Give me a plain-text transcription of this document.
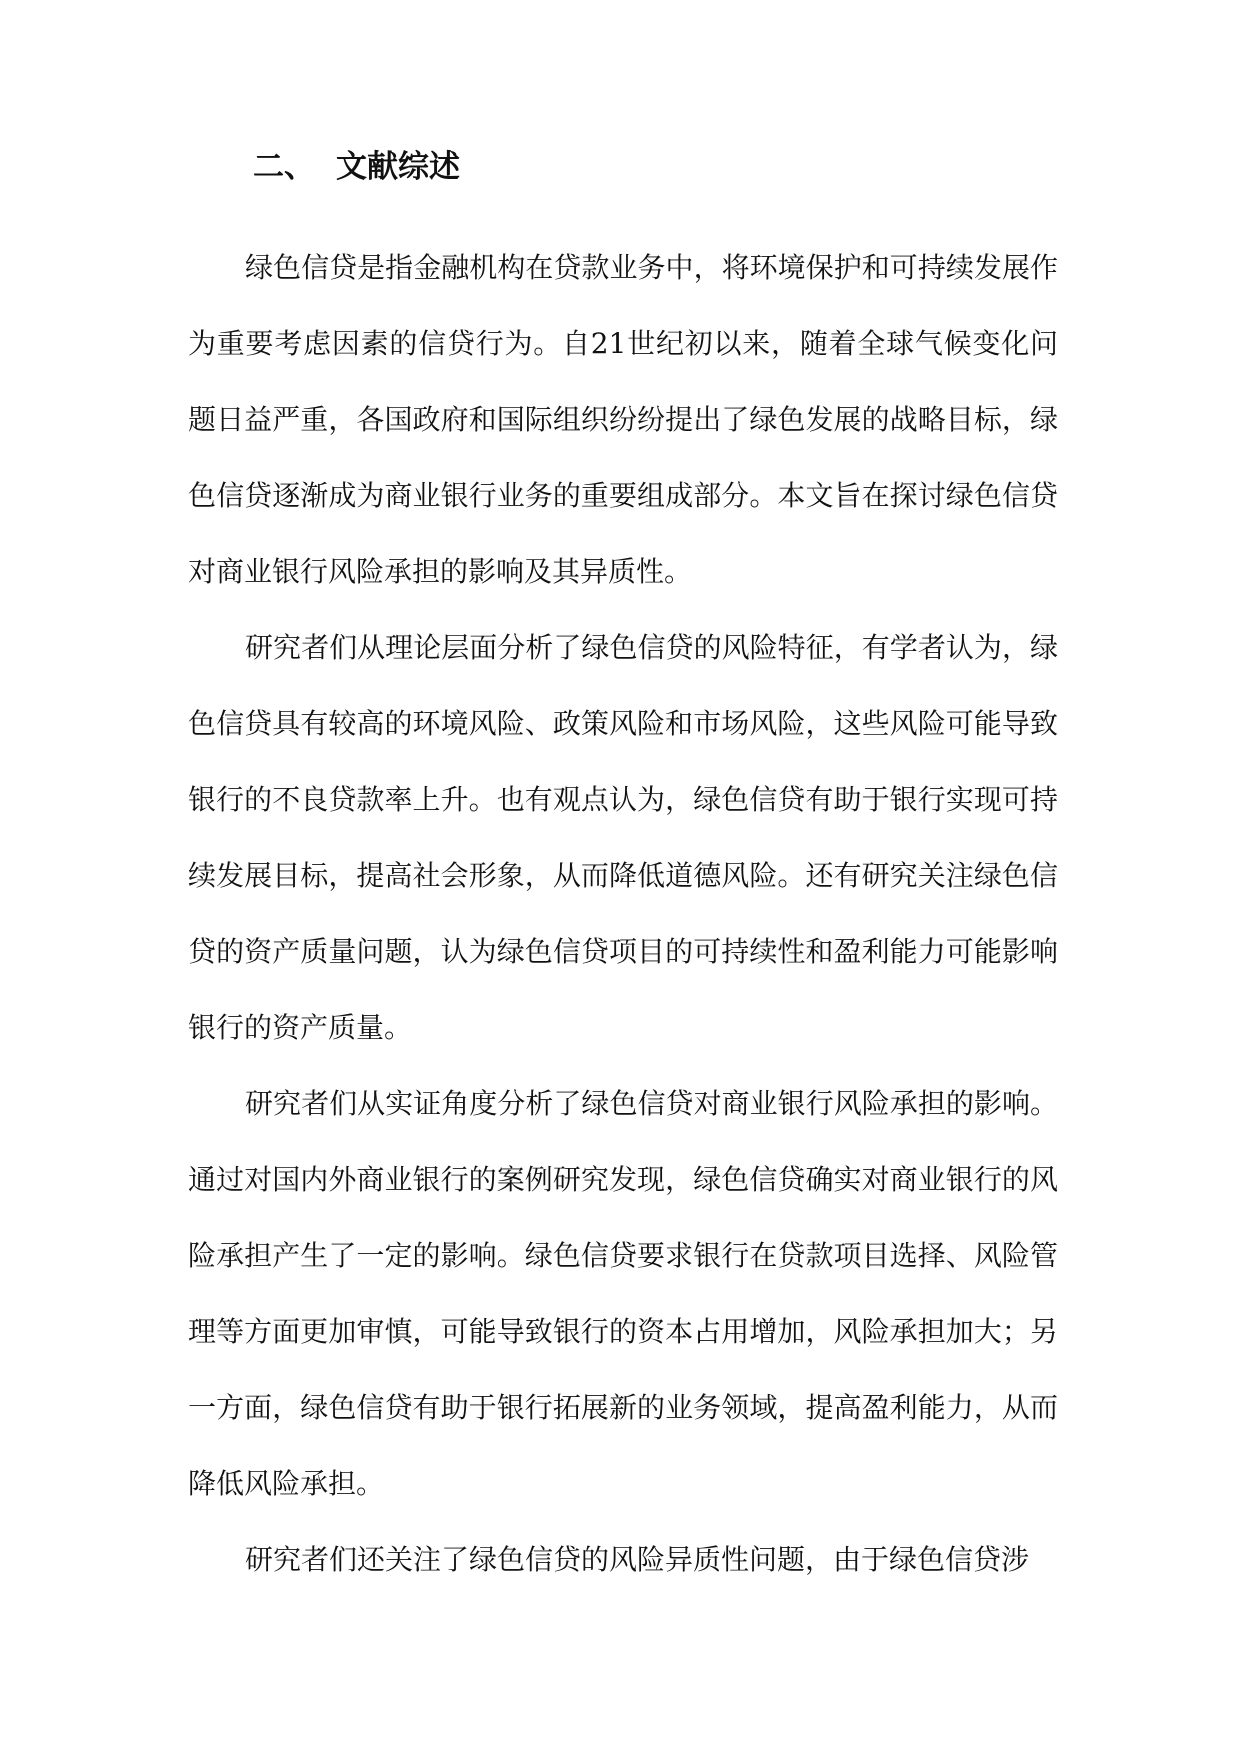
二、 文献综述

绿色信贷是指金融机构在贷款业务中，将环境保护和可持续发展作为重要考虑因素的信贷行为。自21世纪初以来，随着全球气候变化问题日益严重，各国政府和国际组织纷纷提出了绿色发展的战略目标，绿色信贷逐渐成为商业银行业务的重要组成部分。本文旨在探讨绿色信贷对商业银行风险承担的影响及其异质性。

研究者们从理论层面分析了绿色信贷的风险特征，有学者认为，绿色信贷具有较高的环境风险、政策风险和市场风险，这些风险可能导致银行的不良贷款率上升。也有观点认为，绿色信贷有助于银行实现可持续发展目标，提高社会形象，从而降低道德风险。还有研究关注绿色信贷的资产质量问题，认为绿色信贷项目的可持续性和盈利能力可能影响银行的资产质量。

研究者们从实证角度分析了绿色信贷对商业银行风险承担的影响。通过对国内外商业银行的案例研究发现，绿色信贷确实对商业银行的风险承担产生了一定的影响。绿色信贷要求银行在贷款项目选择、风险管理等方面更加审慎，可能导致银行的资本占用增加，风险承担加大；另一方面，绿色信贷有助于银行拓展新的业务领域，提高盈利能力，从而降低风险承担。

研究者们还关注了绿色信贷的风险异质性问题，由于绿色信贷涉
